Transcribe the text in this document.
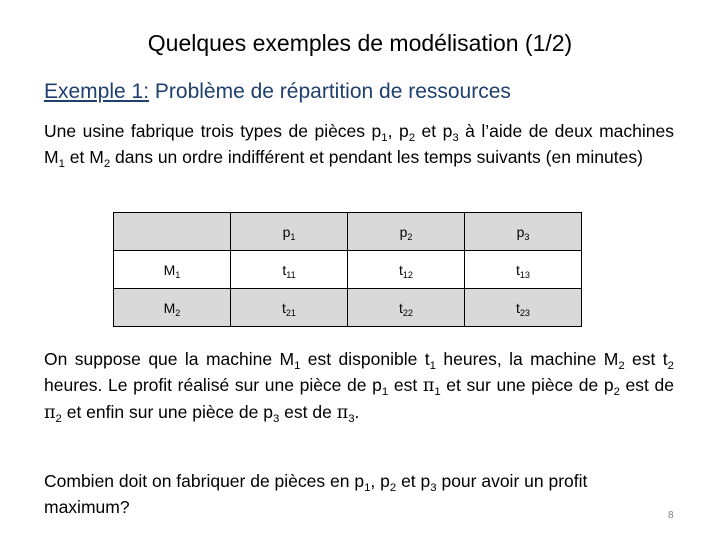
Quelques exemples de modélisation (1/2)
Exemple 1: Problème de répartition de ressources
Une usine fabrique trois types de pièces $p_1$, $p_2$ et $p_3$ à l’aide de deux machines $M_1$ et $M_2$ dans un ordre indifférent et pendant les temps suivants (en minutes)
	$p_1$	$p_2$	$p_3$
$M_1$	$t_{11}$	$t_{12}$	$t_{13}$
$M_2$	$t_{21}$	$t_{22}$	$t_{23}$
On suppose que la machine $M_1$ est disponible $t_1$ heures, la machine $M_2$ est $t_2$ heures. Le profit réalisé sur une pièce de $p_1$ est $\pi_1$ et sur une pièce de $p_2$ est de $\pi_2$ et enfin sur une pièce de $p_3$ est de $\pi_3$.
Combien doit on fabriquer de pièces en $p_1$, $p_2$ et $p_3$ pour avoir un profit maximum?	8
